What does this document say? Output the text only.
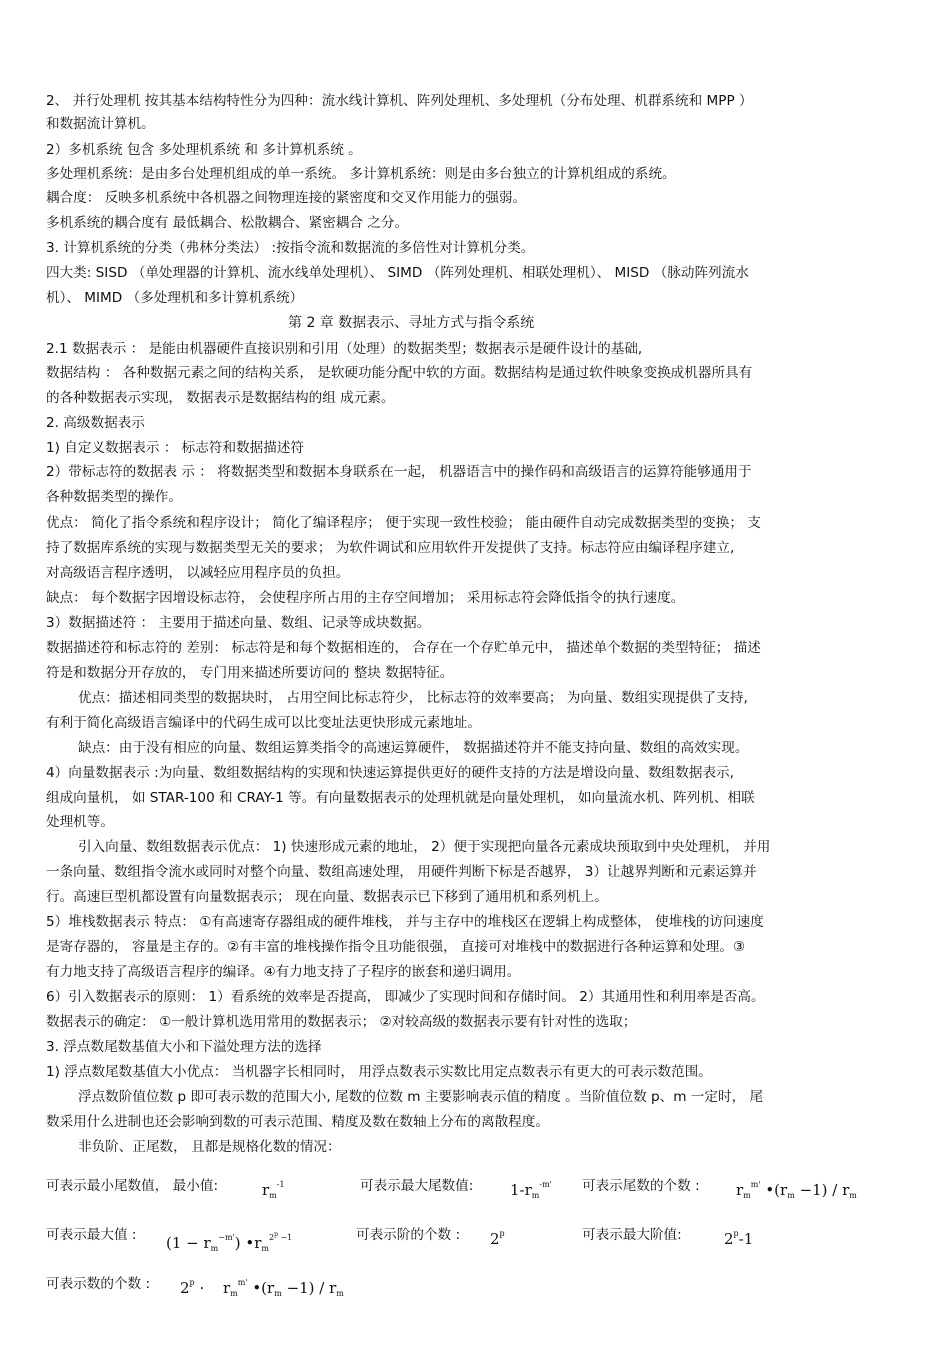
2、 并行处理机 按其基本结构特性分为四种：流水线计算机、阵列处理机、多处理机（分布处理、机群系统和 MPP ）
和数据流计算机。
2）多机系统 包含 多处理机系统 和 多计算机系统 。
多处理机系统：是由多台处理机组成的单一系统。 多计算机系统：则是由多台独立的计算机组成的系统。
耦合度： 反映多机系统中各机器之间物理连接的紧密度和交叉作用能力的强弱。
多机系统的耦合度有 最低耦合、松散耦合、紧密耦合 之分。
3. 计算机系统的分类（弗林分类法） :按指令流和数据流的多倍性对计算机分类。
四大类: SISD （单处理器的计算机、流水线单处理机）、 SIMD （阵列处理机、相联处理机）、 MISD （脉动阵列流水
机）、 MIMD （多处理机和多计算机系统）
2.1 数据表示 ： 是能由机器硬件直接识别和引用（处理）的数据类型；数据表示是硬件设计的基础,
数据结构 ： 各种数据元素之间的结构关系， 是软硬功能分配中软的方面。数据结构是通过软件映象变换成机器所具有
的各种数据表示实现， 数据表示是数据结构的组 成元素。
2. 高级数据表示
1) 自定义数据表示 ： 标志符和数据描述符
2）带标志符的数据表 示 ： 将数据类型和数据本身联系在一起， 机器语言中的操作码和高级语言的运算符能够通用于
各种数据类型的操作。
优点： 简化了指令系统和程序设计； 简化了编译程序； 便于实现一致性校验； 能由硬件自动完成数据类型的变换； 支
持了数据库系统的实现与数据类型无关的要求； 为软件调试和应用软件开发提供了支持。标志符应由编译程序建立,
对高级语言程序透明， 以减轻应用程序员的负担。
缺点： 每个数据字因增设标志符， 会使程序所占用的主存空间增加； 采用标志符会降低指令的执行速度。
3）数据描述符 ： 主要用于描述向量、数组、记录等成块数据。
数据描述符和标志符的 差别： 标志符是和每个数据相连的， 合存在一个存贮单元中， 描述单个数据的类型特征； 描述
符是和数据分开存放的， 专门用来描述所要访问的 整块 数据特征。
优点：描述相同类型的数据块时， 占用空间比标志符少， 比标志符的效率要高； 为向量、数组实现提供了支持,
有利于简化高级语言编译中的代码生成可以比变址法更快形成元素地址。
缺点：由于没有相应的向量、数组运算类指令的高速运算硬件， 数据描述符并不能支持向量、数组的高效实现。
4）向量数据表示 :为向量、数组数据结构的实现和快速运算提供更好的硬件支持的方法是增设向量、数组数据表示,
组成向量机， 如 STAR-100 和 CRAY-1 等。有向量数据表示的处理机就是向量处理机， 如向量流水机、阵列机、相联
处理机等。
引入向量、数组数据表示优点： 1) 快速形成元素的地址， 2）便于实现把向量各元素成块预取到中央处理机， 并用
一条向量、数组指令流水或同时对整个向量、数组高速处理， 用硬件判断下标是否越界， 3）让越界判断和元素运算并
行。高速巨型机都设置有向量数据表示； 现在向量、数据表示已下移到了通用机和系列机上。
5）堆栈数据表示 特点： ①有高速寄存器组成的硬件堆栈， 并与主存中的堆栈区在逻辑上构成整体， 使堆栈的访问速度
是寄存器的， 容量是主存的。②有丰富的堆栈操作指令且功能很强， 直接可对堆栈中的数据进行各种运算和处理。③
有力地支持了高级语言程序的编译。④有力地支持了子程序的嵌套和递归调用。
6）引入数据表示的原则： 1）看系统的效率是否提高， 即减少了实现时间和存储时间。 2）其通用性和利用率是否高。
数据表示的确定： ①一般计算机选用常用的数据表示； ②对较高级的数据表示要有针对性的选取；
3. 浮点数尾数基值大小和下溢处理方法的选择
1) 浮点数尾数基值大小优点： 当机器字长相同时， 用浮点数表示实数比用定点数表示有更大的可表示数范围。
浮点数阶值位数 p 即可表示数的范围大小, 尾数的位数 m 主要影响表示值的精度 。当阶值位数 p、m 一定时， 尾
数采用什么进制也还会影响到数的可表示范围、精度及数在数轴上分布的离散程度。
非负阶、正尾数， 且都是规格化数的情况：
第 2 章 数据表示、寻址方式与指令系统
可表示最小尾数值， 最小值:	$r_m^{-1}$	可表示最大尾数值: $1-r_m^{-m'}$ 可表示尾数的个数 : $r_m^{m'}$ $•(r_m -1) / r_m$
可表示最大值 : $(1 - r_m^{-m'})$ $•r_m^{2^p -1}$	可表示阶的个数 : 2$^p$	可表示最大阶值:	2$^p$-1
可表示数的个数 : $2^p \cdot r_m^{m'}$ $•(r_m -1) / r_m$
